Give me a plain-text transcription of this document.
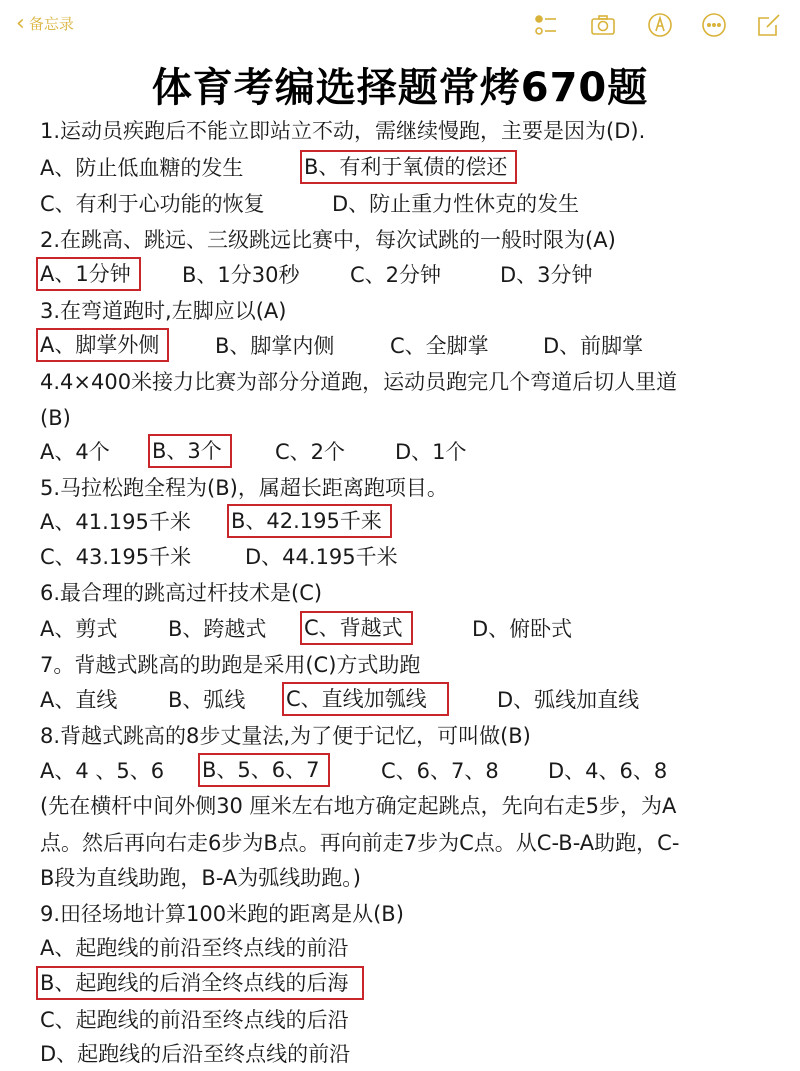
‹ 备忘录
体育考编选择题常烤670题
1.运动员疾跑后不能立即站立不动，需继续慢跑，主要是因为(D).
A、防止低血糖的发生	B、有利于氧债的偿还
C、有利于心功能的恢复	D、防止重力性休克的发生
2.在跳高、跳远、三级跳远比赛中，每次试跳的一般时限为(A)
A、1分钟	B、1分30秒 C、2分钟	D、3分钟
3.在弯道跑时,左脚应以(A)
A、脚掌外侧	B、脚掌内侧	C、全脚掌	D、前脚掌
4.4×400米接力比赛为部分分道跑，运动员跑完几个弯道后切人里道
(B)
A、4个 B、3个	C、2个 D、1个
5.马拉松跑全程为(B)，属超长距离跑项目。
A、41.195千米 B、42.195千来
C、43.195千米	D、44.195千米
6.最合理的跳高过杆技术是(C)
A、剪式 B、跨越式 C、背越式	D、俯卧式
7。背越式跳高的助跑是采用(C)方式助跑
A、直线 B、弧线 C、直线加瓠线	D、弧线加直线
8.背越式跳高的8步丈量法,为了便于记忆，可叫做(B)
A、4 、5、6 B、5、6、7	C、6、7、8 D、4、6、8
(先在横杆中间外侧30 厘米左右地方确定起跳点，先向右走5步，为A
点。然后再向右走6步为B点。再向前走7步为C点。从C-B-A助跑，C-
B段为直线助跑，B-A为弧线助跑。)
9.田径场地计算100米跑的距离是从(B)
A、起跑线的前沿至终点线的前沿
B、起跑线的后消全终点线的后海
C、起跑线的前沿至终点线的后沿
D、起跑线的后沿至终点线的前沿
